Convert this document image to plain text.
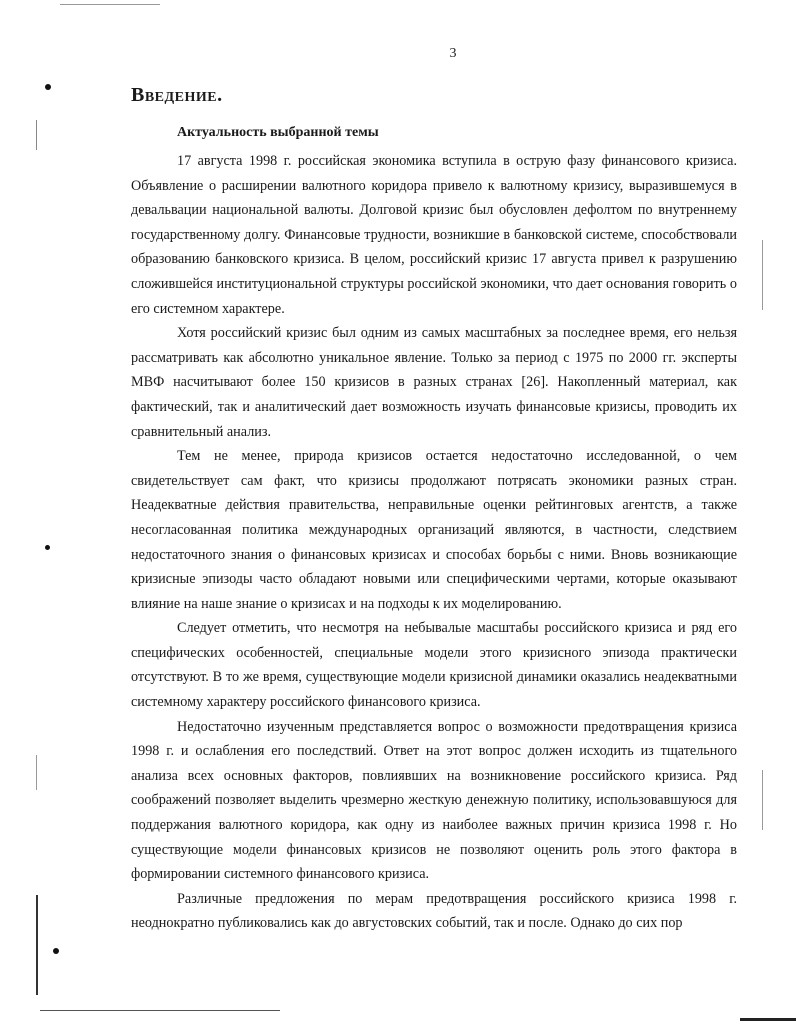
3
Введение.
Актуальность выбранной темы

17 августа 1998 г. российская экономика вступила в острую фазу финансового кризиса. Объявление о расширении валютного коридора привело к валютному кризису, выразившемуся в девальвации национальной валюты. Долговой кризис был обусловлен дефолтом по внутреннему государственному долгу. Финансовые трудности, возникшие в банковской системе, способствовали образованию банковского кризиса. В целом, российский кризис 17 августа привел к разрушению сложившейся институциональной структуры российской экономики, что дает основания говорить о его системном характере.

Хотя российский кризис был одним из самых масштабных за последнее время, его нельзя рассматривать как абсолютно уникальное явление. Только за период с 1975 по 2000 гг. эксперты МВФ насчитывают более 150 кризисов в разных странах [26]. Накопленный материал, как фактический, так и аналитический дает возможность изучать финансовые кризисы, проводить их сравнительный анализ.

Тем не менее, природа кризисов остается недостаточно исследованной, о чем свидетельствует сам факт, что кризисы продолжают потрясать экономики разных стран. Неадекватные действия правительства, неправильные оценки рейтинговых агентств, а также несогласованная политика международных организаций являются, в частности, следствием недостаточного знания о финансовых кризисах и способах борьбы с ними. Вновь возникающие кризисные эпизоды часто обладают новыми или специфическими чертами, которые оказывают влияние на наше знание о кризисах и на подходы к их моделированию.

Следует отметить, что несмотря на небывалые масштабы российского кризиса и ряд его специфических особенностей, специальные модели этого кризисного эпизода практически отсутствуют. В то же время, существующие модели кризисной динамики оказались неадекватными системному характеру российского финансового кризиса.

Недостаточно изученным представляется вопрос о возможности предотвращения кризиса 1998 г. и ослабления его последствий. Ответ на этот вопрос должен исходить из тщательного анализа всех основных факторов, повлиявших на возникновение российского кризиса. Ряд соображений позволяет выделить чрезмерно жесткую денежную политику, использовавшуюся для поддержания валютного коридора, как одну из наиболее важных причин кризиса 1998 г. Но существующие модели финансовых кризисов не позволяют оценить роль этого фактора в формировании системного финансового кризиса.

Различные предложения по мерам предотвращения российского кризиса 1998 г. неоднократно публиковались как до августовских событий, так и после. Однако до сих пор
